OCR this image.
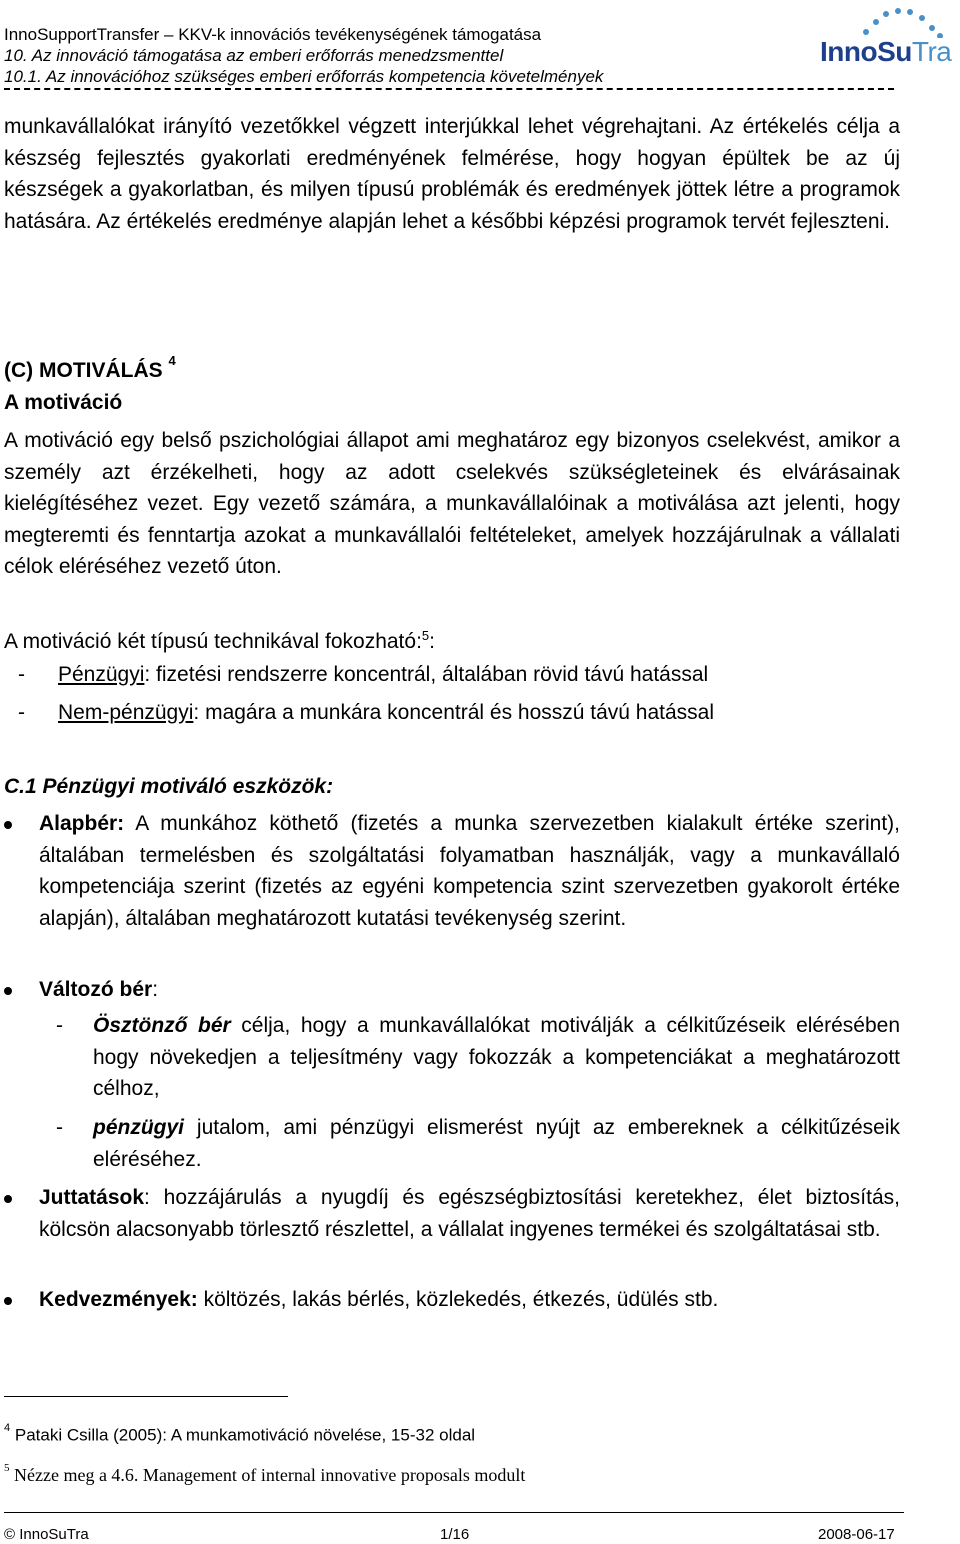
InnoSupportTransfer – KKV-k innovációs tevékenységének támogatása
10. Az innováció támogatása az emberi erőforrás menedzsmenttel
10.1. Az innovációhoz szükséges emberi erőforrás kompetencia követelmények
InnoSuTra
munkavállalókat irányító vezetőkkel végzett interjúkkal lehet végrehajtani. Az értékelés célja a készség fejlesztés gyakorlati eredményének felmérése, hogy hogyan épültek be az új készségek a gyakorlatban, és milyen típusú problémák és eredmények jöttek létre a programok hatására. Az értékelés eredménye alapján lehet a későbbi képzési programok tervét fejleszteni.
(C) MOTIVÁLÁS $^4$
A motiváció
A motiváció egy belső pszichológiai állapot ami meghatároz egy bizonyos cselekvést, amikor a személy azt érzékelheti, hogy az adott cselekvés szükségleteinek és elvárásainak kielégítéséhez vezet. Egy vezető számára, a munkavállalóinak a motiválása azt jelenti, hogy megteremti és fenntartja azokat a munkavállalói feltételeket, amelyek hozzájárulnak a vállalati célok eléréséhez vezető úton.
A motiváció két típusú technikával fokozható:$^5$:
-	Pénzügyi: fizetési rendszerre koncentrál, általában rövid távú hatással
-	Nem-pénzügyi: magára a munkára koncentrál és hosszú távú hatással
C.1 Pénzügyi motiváló eszközök:
Alapbér: A munkához köthető (fizetés a munka szervezetben kialakult értéke szerint), általában termelésben és szolgáltatási folyamatban használják, vagy a munkavállaló kompetenciája szerint (fizetés az egyéni kompetencia szint szervezetben gyakorolt értéke alapján), általában meghatározott kutatási tevékenység szerint.
Változó bér:
- Ösztönző bér célja, hogy a munkavállalókat motiválják a célkitűzéseik elérésében hogy növekedjen a teljesítmény vagy fokozzák a kompetenciákat a meghatározott célhoz,
- pénzügyi jutalom, ami pénzügyi elismerést nyújt az embereknek a célkitűzéseik eléréséhez.
Juttatások: hozzájárulás a nyugdíj és egészségbiztosítási keretekhez, élet biztosítás, kölcsön alacsonyabb törlesztő részlettel, a vállalat ingyenes termékei és szolgáltatásai stb.
Kedvezmények: költözés, lakás bérlés, közlekedés, étkezés, üdülés stb.
$^4$ Pataki Csilla (2005): A munkamotiváció növelése, 15-32 oldal
$^5$ Nézze meg a 4.6. Management of internal innovative proposals modult
© InnoSuTra	1/16	2008-06-17
